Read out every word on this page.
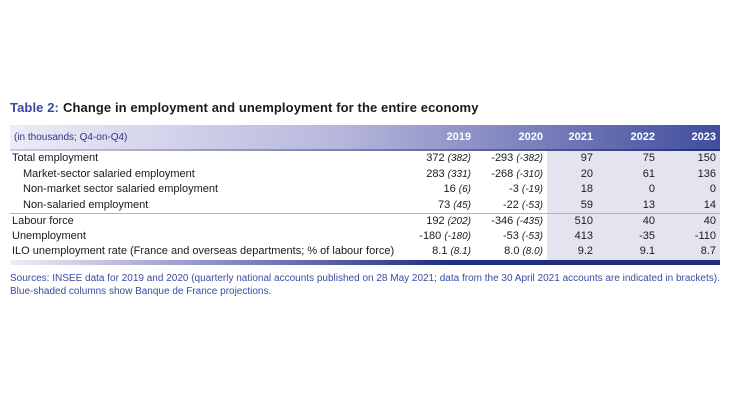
Table 2: Change in employment and unemployment for the entire economy
(in thousands; Q4-on-Q4)	2019	2020	2021	2022	2023
Total employment	372 (382)	-293 (-382)	97	75	150
Market-sector salaried employment	283 (331)	-268 (-310)	20	61	136
Non-market sector salaried employment	16 (6)	-3 (-19)	18	0	0
Non-salaried employment	73 (45)	-22 (-53)	59	13	14
Labour force	192 (202)	-346 (-435)	510	40	40
Unemployment	-180 (-180)	-53 (-53)	413	-35	-110
ILO unemployment rate (France and overseas departments; % of labour force)	8.1 (8.1)	8.0 (8.0)	9.2	9.1	8.7
Sources: INSEE data for 2019 and 2020 (quarterly national accounts published on 28 May 2021; data from the 30 April 2021 accounts are indicated in brackets). Blue-shaded columns show Banque de France projections.
